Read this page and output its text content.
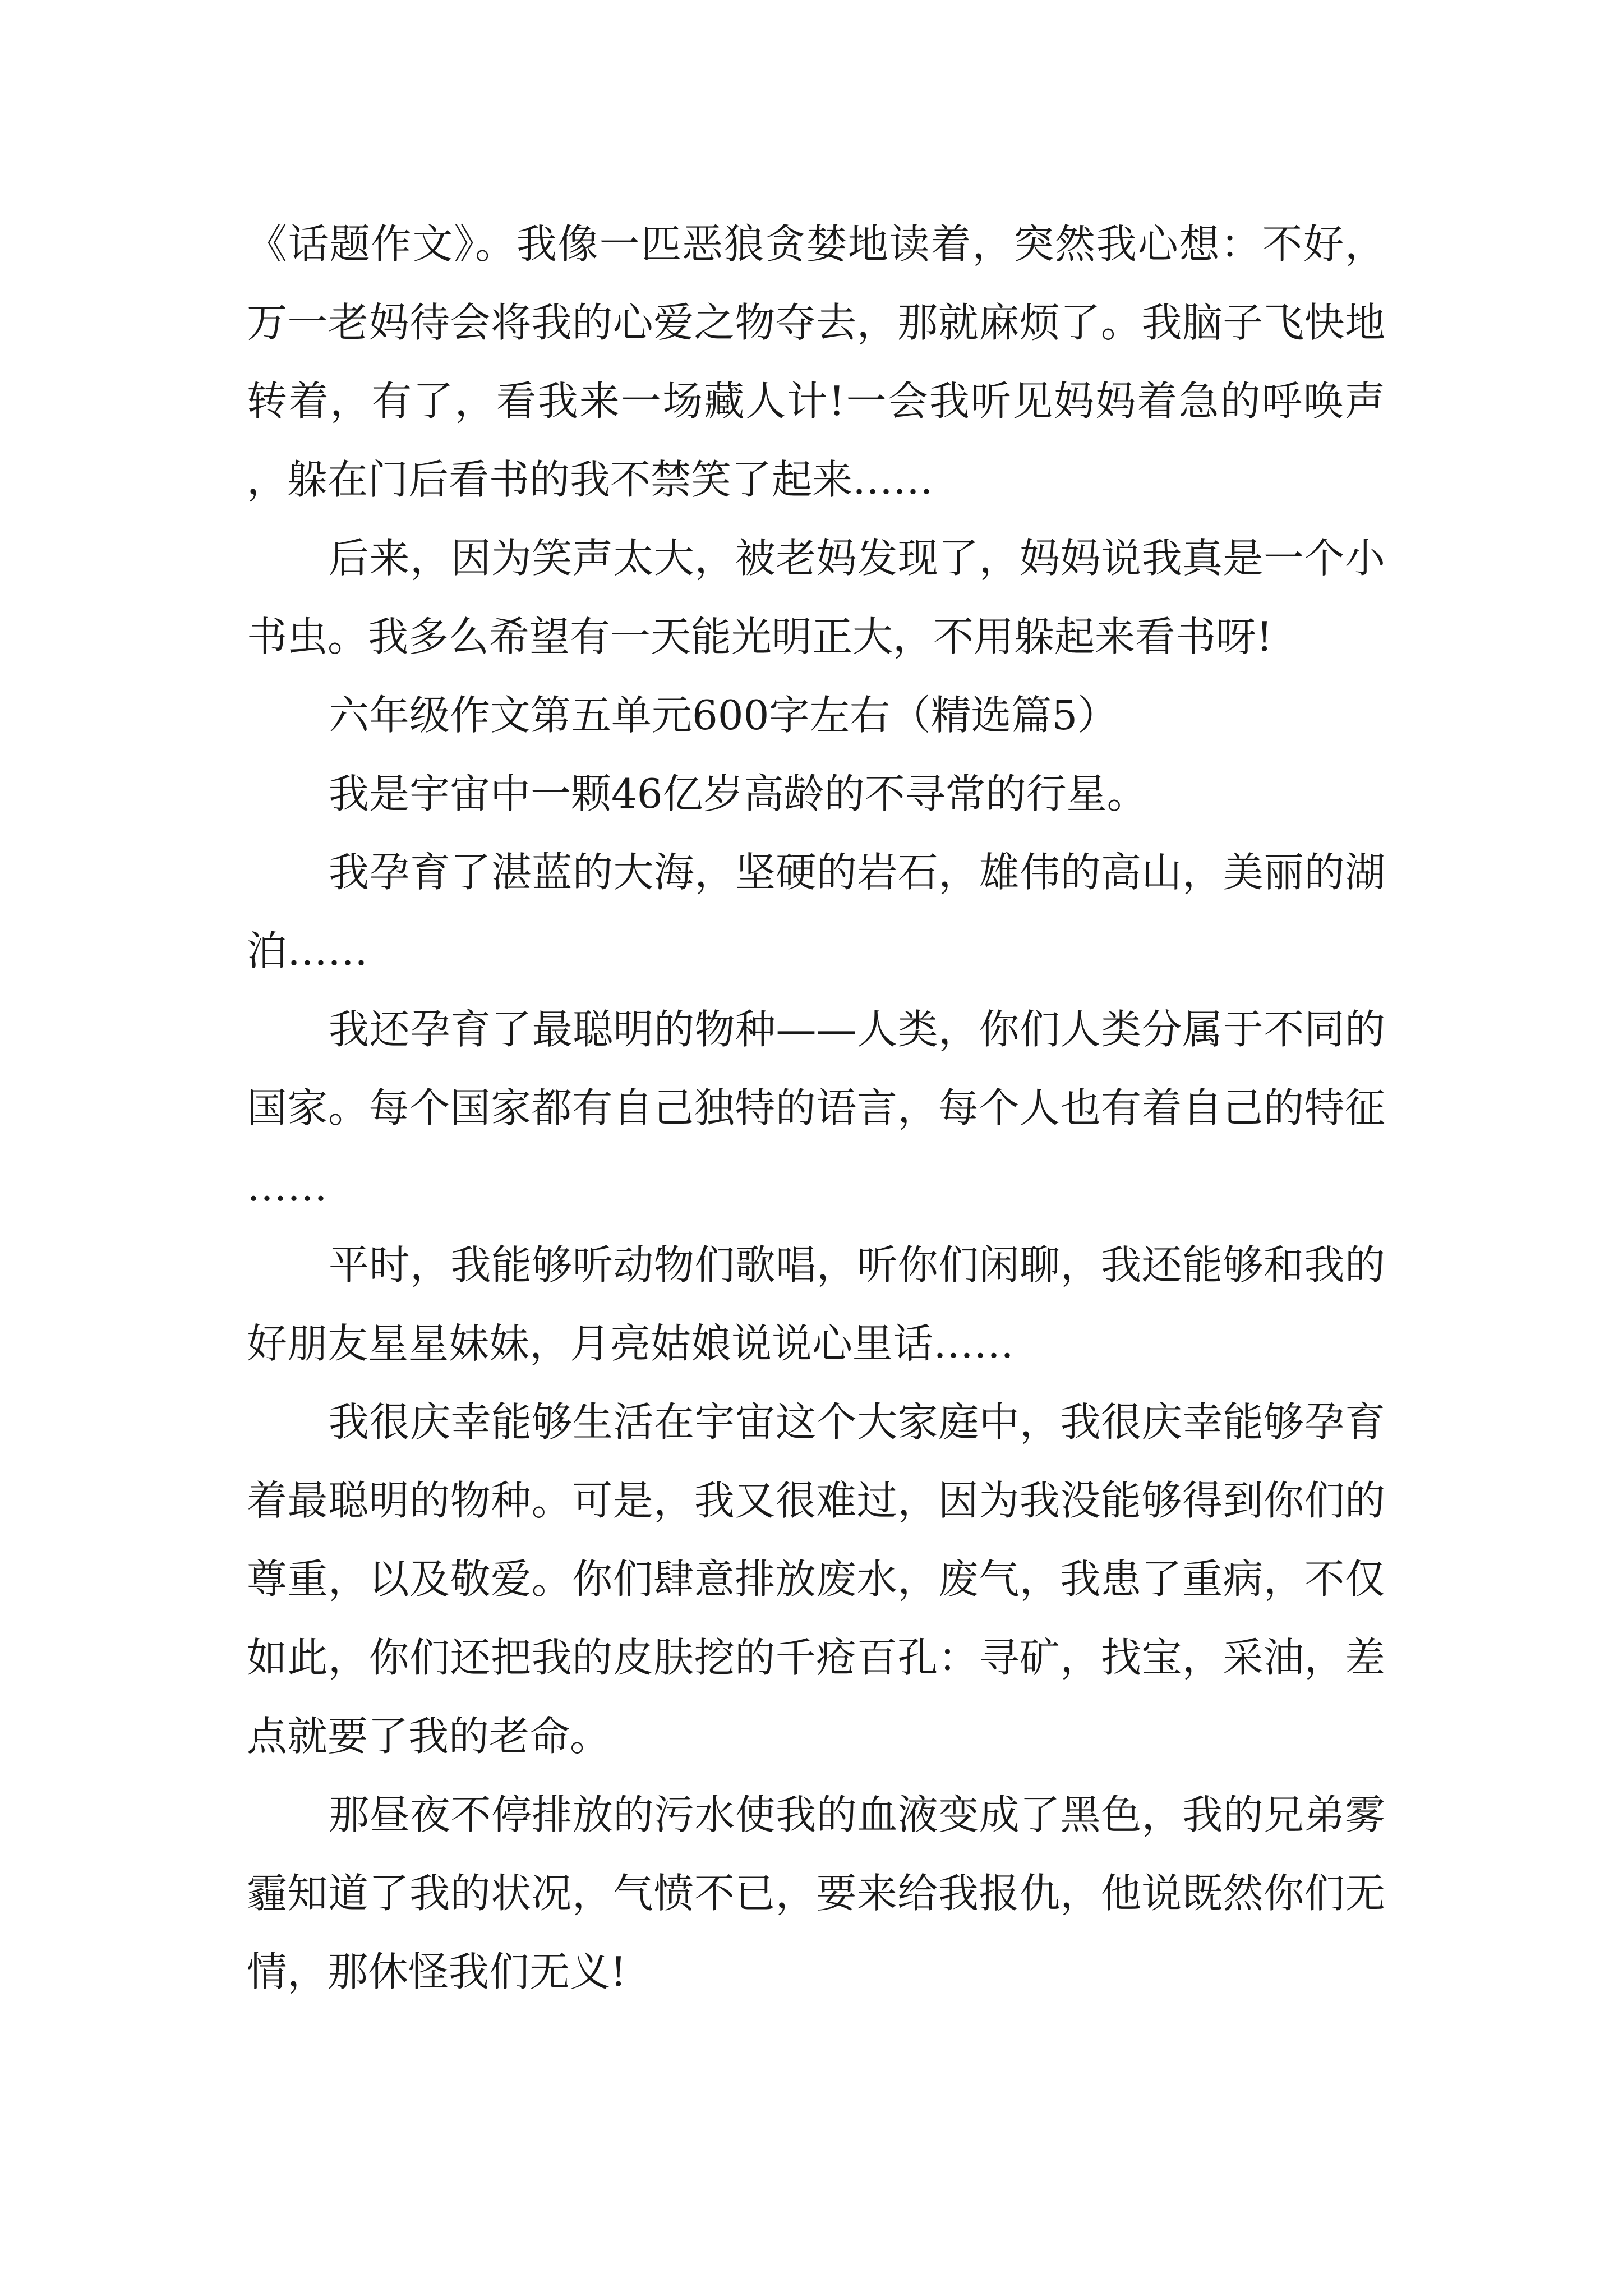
《话题作文》。我像一匹恶狼贪婪地读着，突然我心想：不好，万一老妈待会将我的心爱之物夺去，那就麻烦了。我脑子飞快地转着，有了，看我来一场藏人计!一会我听见妈妈着急的呼唤声，躲在门后看书的我不禁笑了起来……

后来，因为笑声太大，被老妈发现了，妈妈说我真是一个小书虫。我多么希望有一天能光明正大，不用躲起来看书呀!

六年级作文第五单元600字左右（精选篇5）

我是宇宙中一颗46亿岁高龄的不寻常的行星。

我孕育了湛蓝的大海，坚硬的岩石，雄伟的高山，美丽的湖泊……

我还孕育了最聪明的物种——人类，你们人类分属于不同的国家。每个国家都有自己独特的语言，每个人也有着自己的特征……

平时，我能够听动物们歌唱，听你们闲聊，我还能够和我的好朋友星星妹妹，月亮姑娘说说心里话……

我很庆幸能够生活在宇宙这个大家庭中，我很庆幸能够孕育着最聪明的物种。可是，我又很难过，因为我没能够得到你们的尊重，以及敬爱。你们肆意排放废水，废气，我患了重病，不仅如此，你们还把我的皮肤挖的千疮百孔：寻矿，找宝，采油，差点就要了我的老命。

那昼夜不停排放的污水使我的血液变成了黑色，我的兄弟雾霾知道了我的状况，气愤不已，要来给我报仇，他说既然你们无情，那休怪我们无义!
